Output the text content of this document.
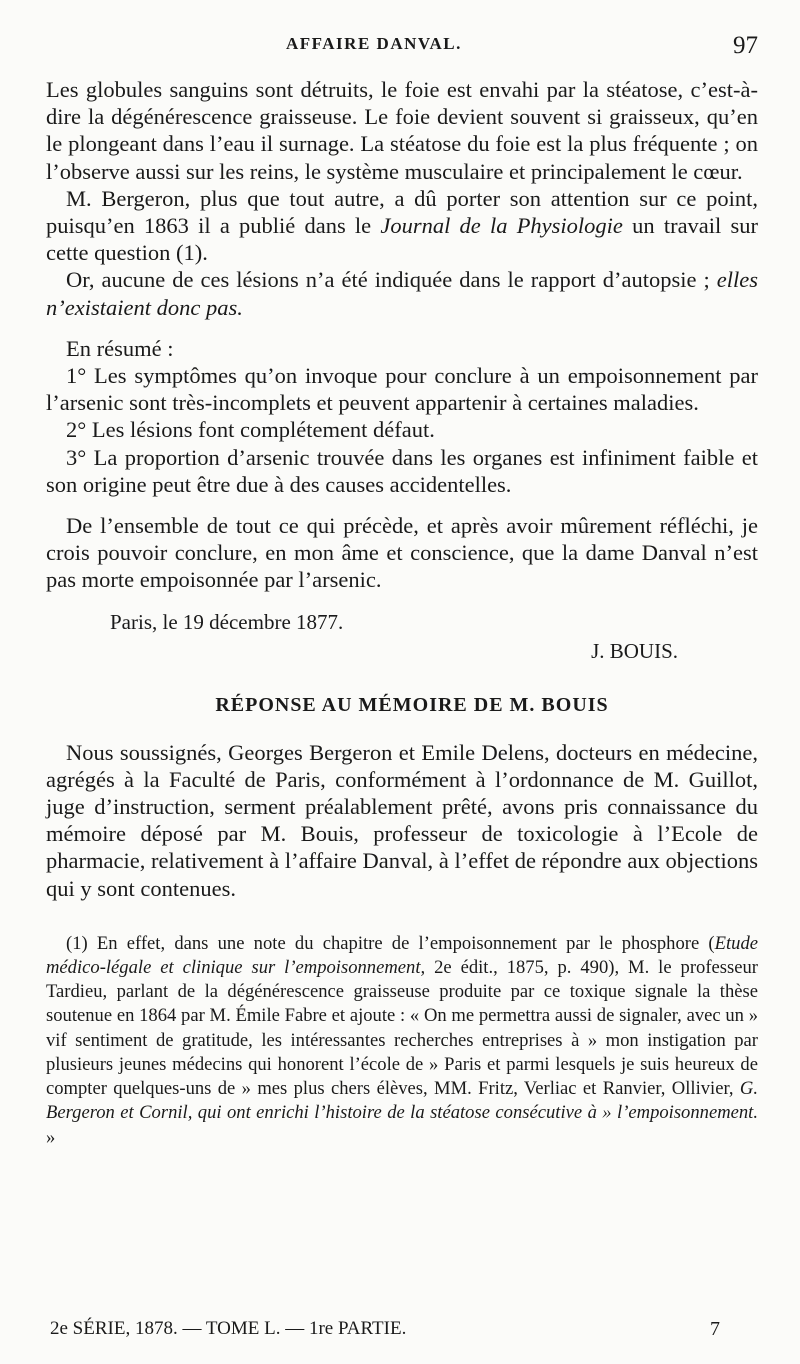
AFFAIRE DANVAL.	97

Les globules sanguins sont détruits, le foie est envahi par la stéatose, c’est-à-dire la dégénérescence graisseuse. Le foie devient souvent si graisseux, qu’en le plongeant dans l’eau il surnage. La stéatose du foie est la plus fréquente ; on l’observe aussi sur les reins, le système musculaire et principalement le cœur.

M. Bergeron, plus que tout autre, a dû porter son attention sur ce point, puisqu’en 1863 il a publié dans le Journal de la Physiologie un travail sur cette question (1).

Or, aucune de ces lésions n’a été indiquée dans le rapport d’autopsie ; elles n’existaient donc pas.

En résumé :

1° Les symptômes qu’on invoque pour conclure à un empoisonnement par l’arsenic sont très-incomplets et peuvent appartenir à certaines maladies.

2° Les lésions font complétement défaut.

3° La proportion d’arsenic trouvée dans les organes est infiniment faible et son origine peut être due à des causes accidentelles.

De l’ensemble de tout ce qui précède, et après avoir mûrement réfléchi, je crois pouvoir conclure, en mon âme et conscience, que la dame Danval n’est pas morte empoisonnée par l’arsenic.

Paris, le 19 décembre 1877.
J. BOUIS.
RÉPONSE AU MÉMOIRE DE M. BOUIS

Nous soussignés, Georges Bergeron et Emile Delens, docteurs en médecine, agrégés à la Faculté de Paris, conformément à l’ordonnance de M. Guillot, juge d’instruction, serment préalablement prêté, avons pris connaissance du mémoire déposé par M. Bouis, professeur de toxicologie à l’Ecole de pharmacie, relativement à l’affaire Danval, à l’effet de répondre aux objections qui y sont contenues.

(1) En effet, dans une note du chapitre de l’empoisonnement par le phosphore (Etude médico-légale et clinique sur l’empoisonnement, 2e édit., 1875, p. 490), M. le professeur Tardieu, parlant de la dégénérescence graisseuse produite par ce toxique signale la thèse soutenue en 1864 par M. Émile Fabre et ajoute : « On me permettra aussi de signaler, avec un » vif sentiment de gratitude, les intéressantes recherches entreprises à » mon instigation par plusieurs jeunes médecins qui honorent l’école de » Paris et parmi lesquels je suis heureux de compter quelques-uns de » mes plus chers élèves, MM. Fritz, Verliac et Ranvier, Ollivier, G. Bergeron et Cornil, qui ont enrichi l’histoire de la stéatose consécutive à » l’empoisonnement. »

2e SÉRIE, 1878. — TOME L. — 1re PARTIE.	7
